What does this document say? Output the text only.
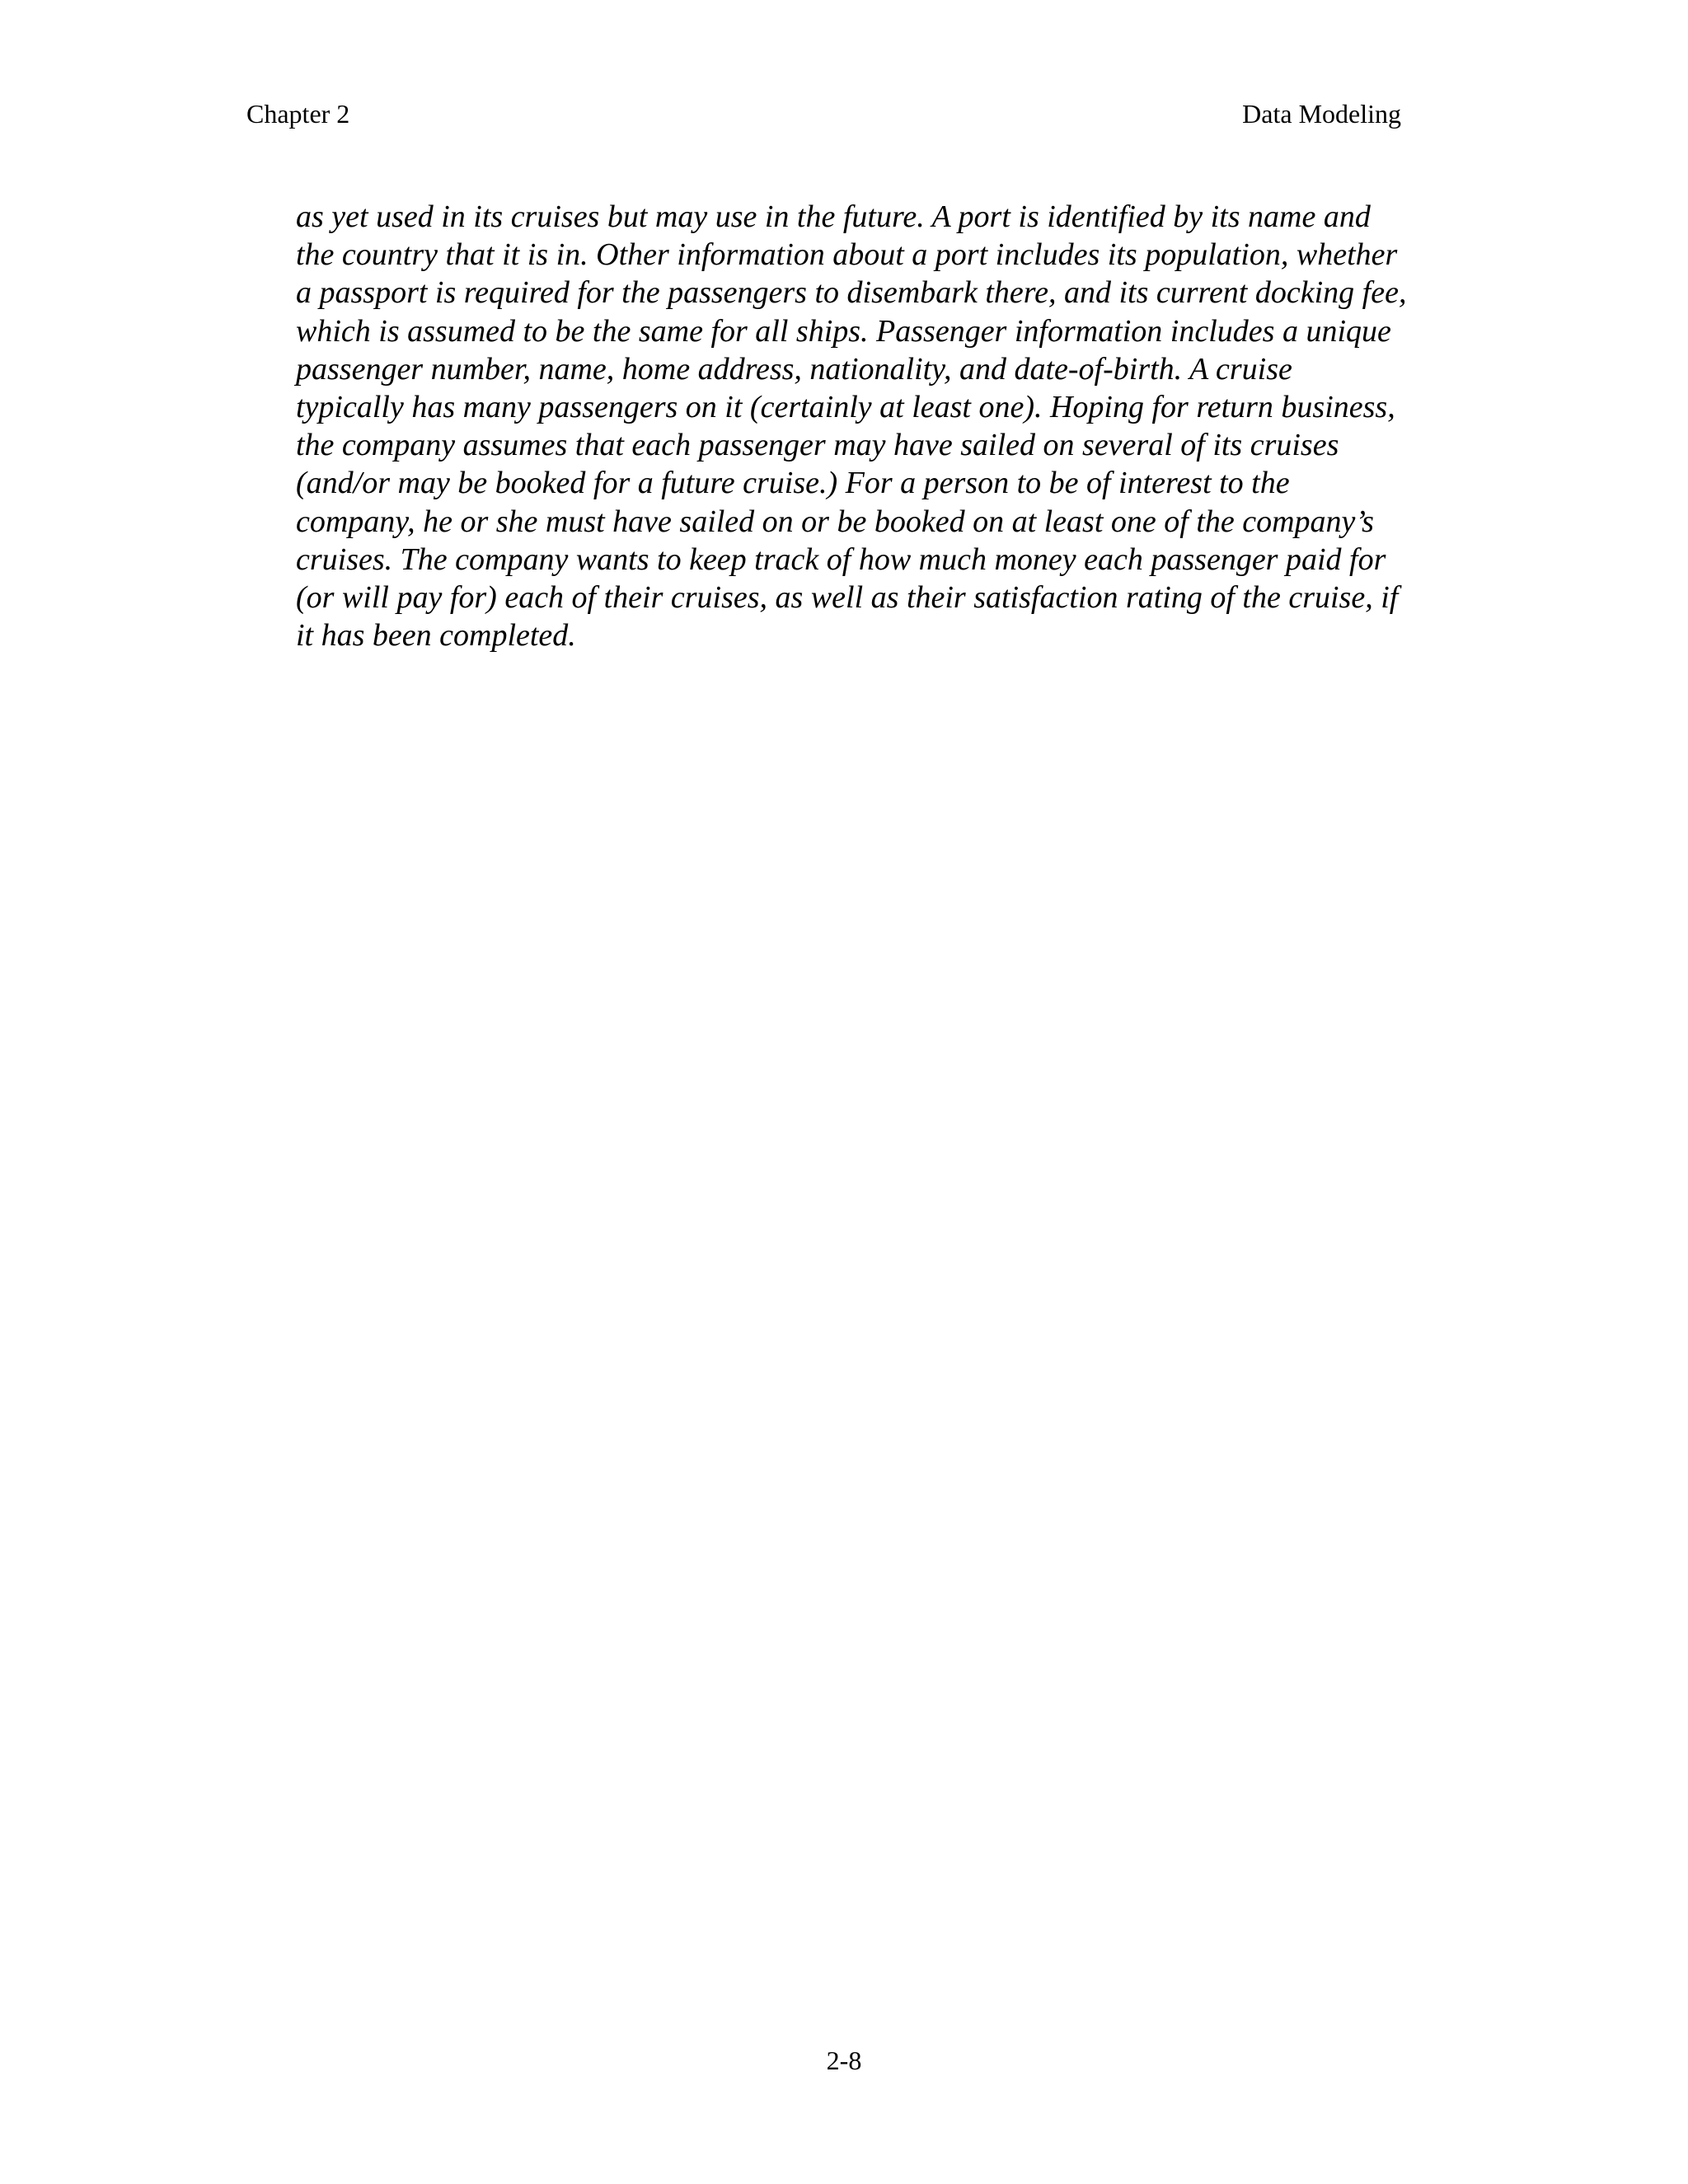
Chapter 2	Data Modeling
as yet used in its cruises but may use in the future. A port is identified by its name and
the country that it is in. Other information about a port includes its population, whether
a passport is required for the passengers to disembark there, and its current docking fee,
which is assumed to be the same for all ships. Passenger information includes a unique
passenger number, name, home address, nationality, and date-of-birth. A cruise
typically has many passengers on it (certainly at least one). Hoping for return business,
the company assumes that each passenger may have sailed on several of its cruises
(and/or may be booked for a future cruise.) For a person to be of interest to the
company, he or she must have sailed on or be booked on at least one of the company’s
cruises. The company wants to keep track of how much money each passenger paid for
(or will pay for) each of their cruises, as well as their satisfaction rating of the cruise, if
it has been completed.
2-8
